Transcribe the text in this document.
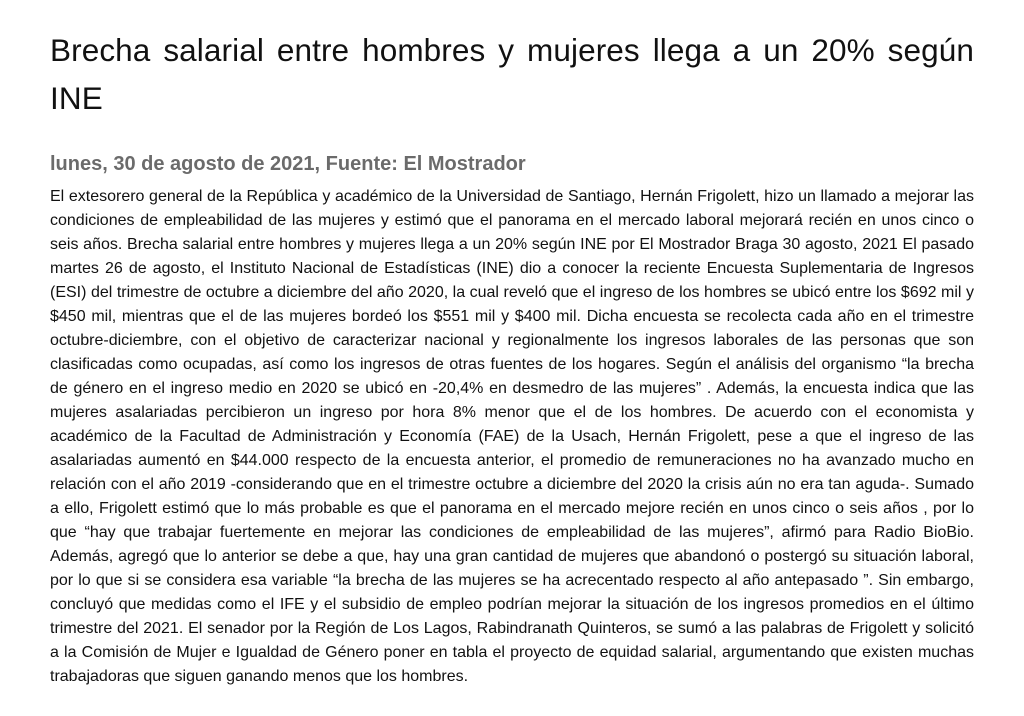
Brecha salarial entre hombres y mujeres llega a un 20% según INE
lunes, 30 de agosto de 2021, Fuente: El Mostrador

El extesorero general de la República y académico de la Universidad de Santiago, Hernán Frigolett, hizo un llamado a mejorar las condiciones de empleabilidad de las mujeres y estimó que el panorama en el mercado laboral mejorará recién en unos cinco o seis años. Brecha salarial entre hombres y mujeres llega a un 20% según INE por El Mostrador Braga 30 agosto, 2021 El pasado martes 26 de agosto, el Instituto Nacional de Estadísticas (INE) dio a conocer la reciente Encuesta Suplementaria de Ingresos (ESI) del trimestre de octubre a diciembre del año 2020, la cual reveló que el ingreso de los hombres se ubicó entre los $692 mil y $450 mil, mientras que el de las mujeres bordeó los $551 mil y $400 mil. Dicha encuesta se recolecta cada año en el trimestre octubre-diciembre, con el objetivo de caracterizar nacional y regionalmente los ingresos laborales de las personas que son clasificadas como ocupadas, así como los ingresos de otras fuentes de los hogares. Según el análisis del organismo “la brecha de género en el ingreso medio en 2020 se ubicó en -20,4% en desmedro de las mujeres” . Además, la encuesta indica que las mujeres asalariadas percibieron un ingreso por hora 8% menor que el de los hombres. De acuerdo con el economista y académico de la Facultad de Administración y Economía (FAE) de la Usach, Hernán Frigolett, pese a que el ingreso de las asalariadas aumentó en $44.000 respecto de la encuesta anterior, el promedio de remuneraciones no ha avanzado mucho en relación con el año 2019 -considerando que en el trimestre octubre a diciembre del 2020 la crisis aún no era tan aguda-. Sumado a ello, Frigolett estimó que lo más probable es que el panorama en el mercado mejore recién en unos cinco o seis años , por lo que “hay que trabajar fuertemente en mejorar las condiciones de empleabilidad de las mujeres”, afirmó para Radio BioBio. Además, agregó que lo anterior se debe a que, hay una gran cantidad de mujeres que abandonó o postergó su situación laboral, por lo que si se considera esa variable “la brecha de las mujeres se ha acrecentado respecto al año antepasado ”. Sin embargo, concluyó que medidas como el IFE y el subsidio de empleo podrían mejorar la situación de los ingresos promedios en el último trimestre del 2021. El senador por la Región de Los Lagos, Rabindranath Quinteros, se sumó a las palabras de Frigolett y solicitó a la Comisión de Mujer e Igualdad de Género poner en tabla el proyecto de equidad salarial, argumentando que existen muchas trabajadoras que siguen ganando menos que los hombres.
